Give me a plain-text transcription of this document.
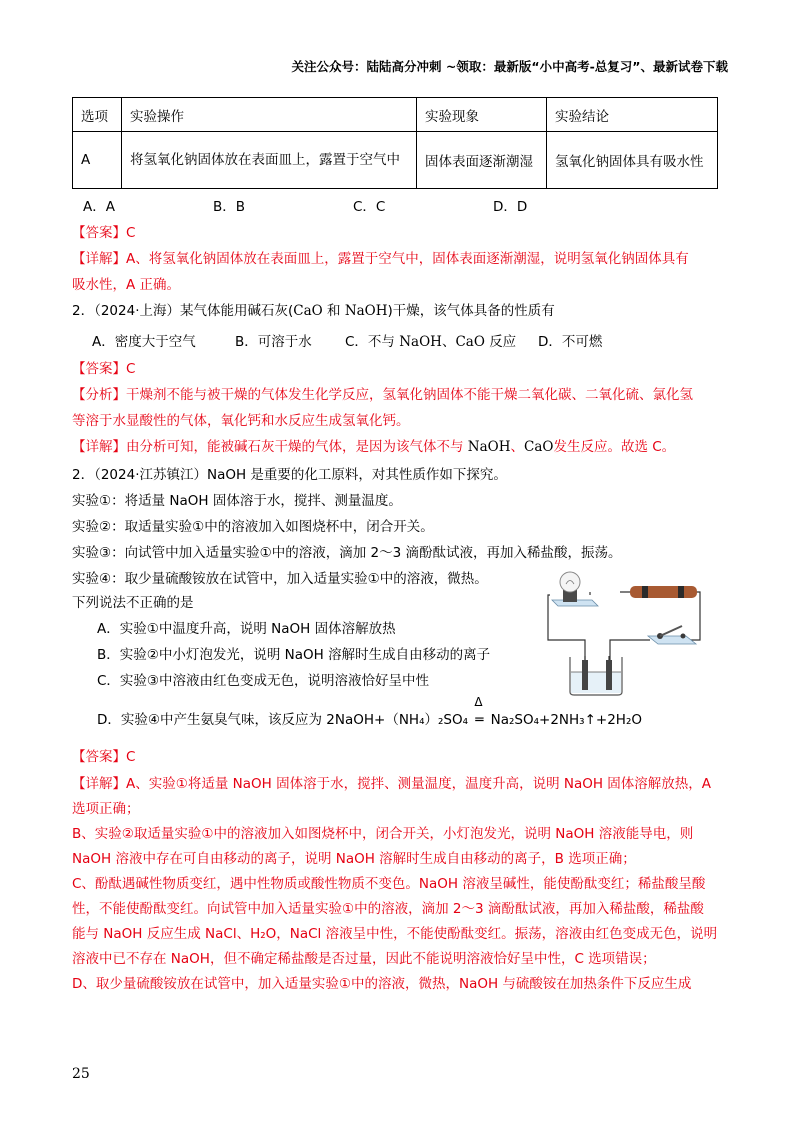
关注公众号：陆陆高分冲刺 ~领取：最新版“小中高考-总复习”、最新试卷下载
选项	实验操作	实验现象	实验结论
A	将氢氧化钠固体放在表面皿上，露置于空气中	固体表面逐渐潮湿	氢氧化钠固体具有吸水性
A．A	B．B	C．C	D．D
【答案】C
【详解】A、将氢氧化钠固体放在表面皿上，露置于空气中，固体表面逐渐潮湿，说明氢氧化钠固体具有
吸水性，A 正确。
2．（2024·上海）某气体能用碱石灰(CaO 和 NaOH)干燥，该气体具备的性质有
A．密度大于空气	B．可溶于水 C．不与 NaOH、CaO 反应 D．不可燃
【答案】C
【分析】干燥剂不能与被干燥的气体发生化学反应，氢氧化钠固体不能干燥二氧化碳、二氧化硫、氯化氢
等溶于水显酸性的气体，氧化钙和水反应生成氢氧化钙。
【详解】由分析可知，能被碱石灰干燥的气体，是因为该气体不与 NaOH、CaO发生反应。故选 C。
2．（2024·江苏镇江）NaOH 是重要的化工原料，对其性质作如下探究。
实验①：将适量 NaOH 固体溶于水，搅拌、测量温度。
实验②：取适量实验①中的溶液加入如图烧杯中，闭合开关。
实验③：向试管中加入适量实验①中的溶液，滴加 2～3 滴酚酞试液，再加入稀盐酸，振荡。
实验④：取少量硫酸铵放在试管中，加入适量实验①中的溶液，微热。
下列说法不正确的是
A．实验①中温度升高，说明 NaOH 固体溶解放热
B．实验②中小灯泡发光，说明 NaOH 溶解时生成自由移动的离子
C．实验③中溶液由红色变成无色，说明溶液恰好呈中性
D．实验④中产生氨臭气味，该反应为 2NaOH+（NH₄）₂SO₄
Δ
═ Na₂SO₄+2NH₃↑+2H₂O
【答案】C
【详解】A、实验①将适量 NaOH 固体溶于水，搅拌、测量温度，温度升高，说明 NaOH 固体溶解放热，A
选项正确；
B、实验②取适量实验①中的溶液加入如图烧杯中，闭合开关，小灯泡发光，说明 NaOH 溶液能导电，则
NaOH 溶液中存在可自由移动的离子，说明 NaOH 溶解时生成自由移动的离子，B 选项正确；
C、酚酞遇碱性物质变红，遇中性物质或酸性物质不变色。NaOH 溶液呈碱性，能使酚酞变红；稀盐酸呈酸
性，不能使酚酞变红。向试管中加入适量实验①中的溶液，滴加 2～3 滴酚酞试液，再加入稀盐酸，稀盐酸
能与 NaOH 反应生成 NaCl、H₂O，NaCl 溶液呈中性，不能使酚酞变红。振荡，溶液由红色变成无色，说明
溶液中已不存在 NaOH，但不确定稀盐酸是否过量，因此不能说明溶液恰好呈中性，C 选项错误；
D、取少量硫酸铵放在试管中，加入适量实验①中的溶液，微热，NaOH 与硫酸铵在加热条件下反应生成
25
